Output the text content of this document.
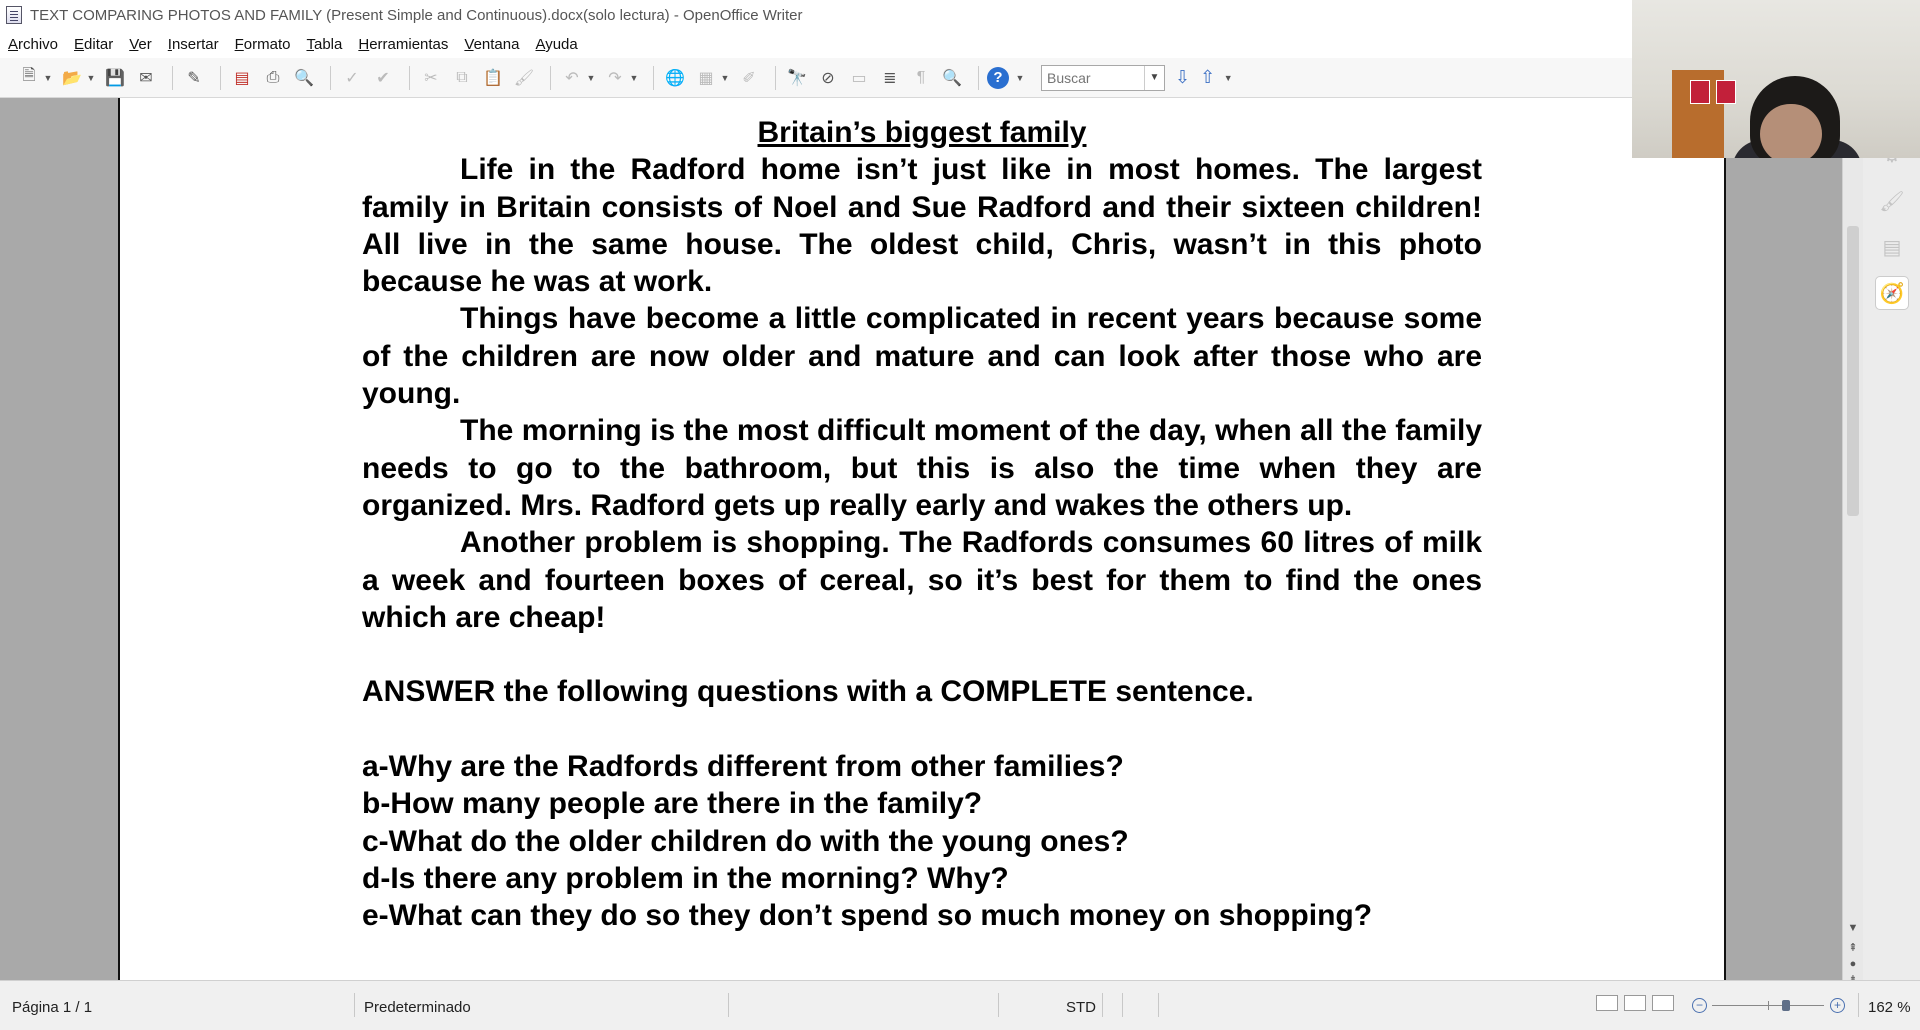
TEXT COMPARING PHOTOS AND FAMILY (Present Simple and Continuous).docx(solo lectura) - OpenOffice Writer
Archivo Editar Ver Insertar Formato Tabla Herramientas Ventana Ayuda
🗎 ▼ 📂 ▼ 💾 ✉	✎	▤	⎙ 🔍	✓	✔	✂	⧉ 📋 🖌	↶ ▼ ↷ ▼ 🌐 ▦ ▼ ✐	🔭 ⊘	▭	≣	¶	🔍	?	▼
Buscar	▼ ⇩ ⇧ ▼
Britain’s biggest family

Life in the Radford home isn’t just like in most homes. The largest family in Britain consists of Noel and Sue Radford and their sixteen children! All live in the same house. The oldest child, Chris, wasn’t in this photo because he was at work.

Things have become a little complicated in recent years because some of the children are now older and mature and can look after those who are young.

The morning is the most difficult moment of the day, when all the family needs to go to the bathroom, but this is also the time when they are organized. Mrs. Radford gets up really early and wakes the others up.

Another problem is shopping. The Radfords consumes 60 litres of milk a week and fourteen boxes of cereal, so it’s best for them to find the ones which are cheap!

ANSWER the following questions with a COMPLETE sentence.
a-Why are the Radfords different from other families?
b-How many people are there in the family?
c-What do the older children do with the young ones?
d-Is there any problem in the morning? Why?
e-What can they do so they don’t spend so much money on shopping?	▼
⇞
●
🖌
▤
🧭
Página 1 / 1	Predeterminado	STD	−	+ 162 %
